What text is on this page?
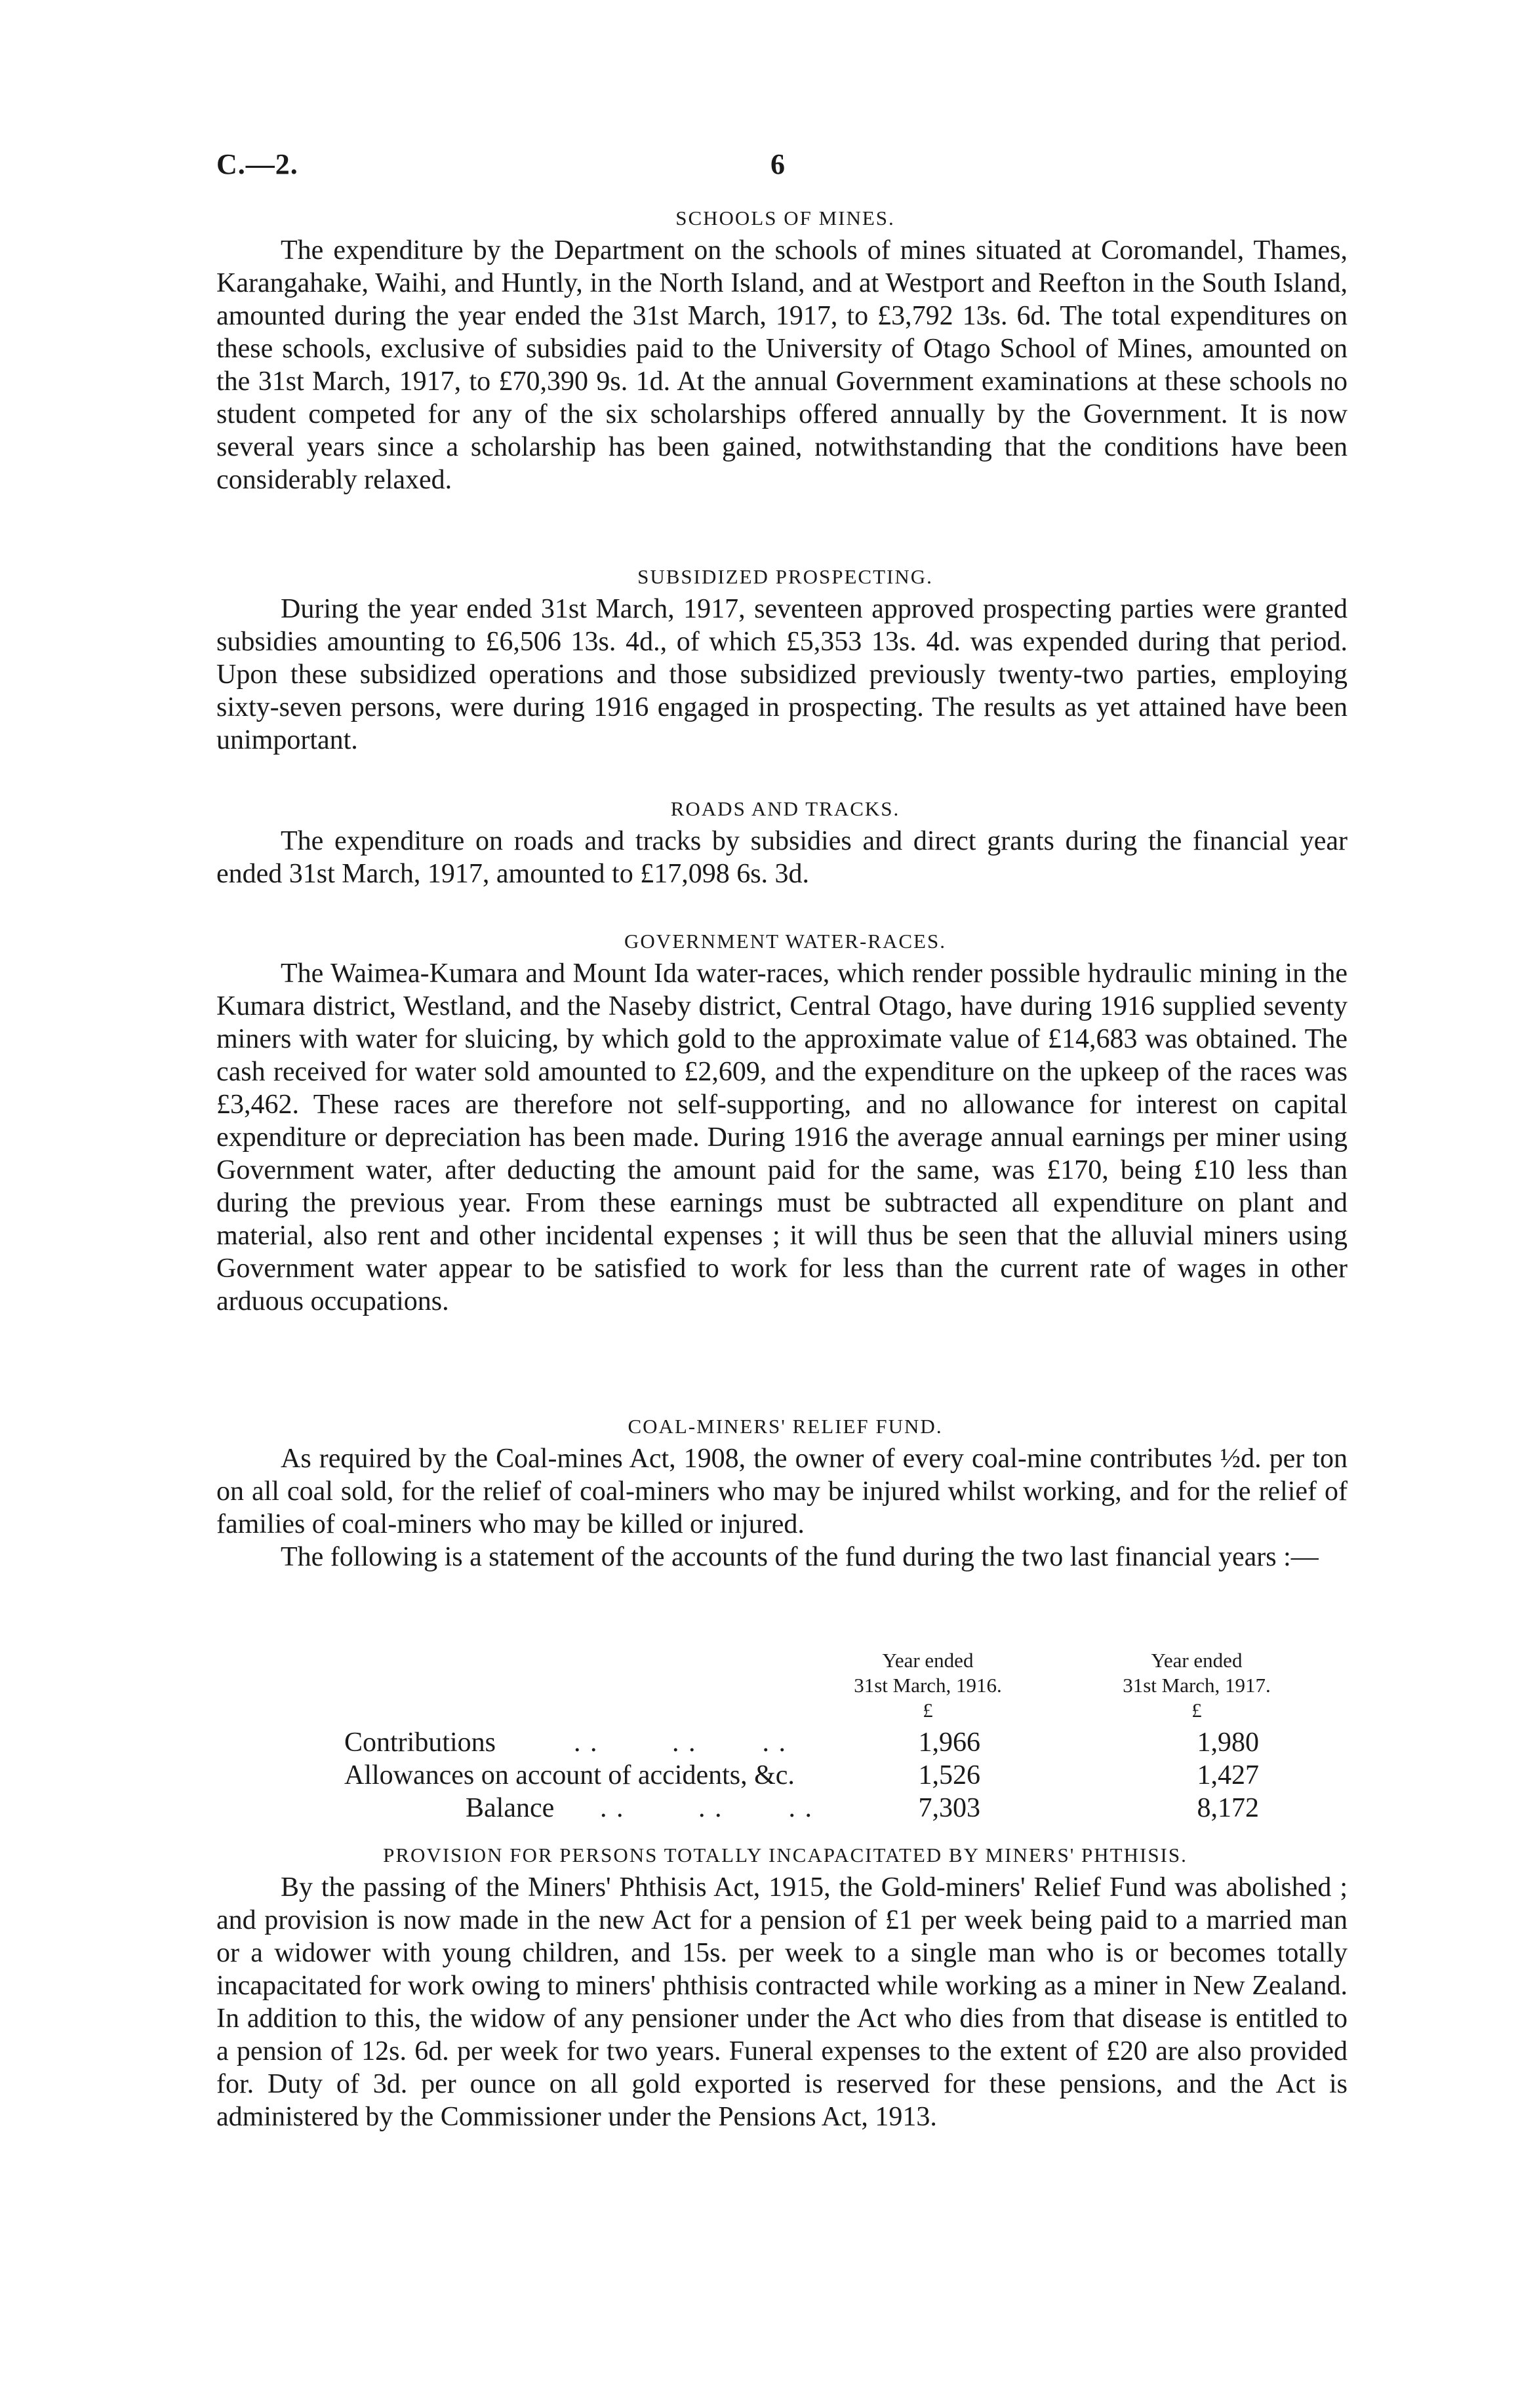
C.—2.	6
SCHOOLS OF MINES.

The expenditure by the Department on the schools of mines situated at Coromandel, Thames, Karangahake, Waihi, and Huntly, in the North Island, and at Westport and Reefton in the South Island, amounted during the year ended the 31st March, 1917, to £3,792 13s. 6d. The total expenditures on these schools, exclusive of subsidies paid to the University of Otago School of Mines, amounted on the 31st March, 1917, to £70,390 9s. 1d. At the annual Government examinations at these schools no student competed for any of the six scholarships offered annually by the Government. It is now several years since a scholarship has been gained, notwithstanding that the conditions have been considerably relaxed.

SUBSIDIZED PROSPECTING.

During the year ended 31st March, 1917, seventeen approved prospecting parties were granted subsidies amounting to £6,506 13s. 4d., of which £5,353 13s. 4d. was expended during that period. Upon these subsidized operations and those subsidized previously twenty-two parties, employing sixty-seven persons, were during 1916 engaged in prospecting. The results as yet attained have been unimportant.

ROADS AND TRACKS.

The expenditure on roads and tracks by subsidies and direct grants during the financial year ended 31st March, 1917, amounted to £17,098 6s. 3d.

GOVERNMENT WATER-RACES.

The Waimea-Kumara and Mount Ida water-races, which render possible hydraulic mining in the Kumara district, Westland, and the Naseby district, Central Otago, have during 1916 supplied seventy miners with water for sluicing, by which gold to the approximate value of £14,683 was obtained. The cash received for water sold amounted to £2,609, and the expenditure on the upkeep of the races was £3,462. These races are therefore not self-supporting, and no allowance for interest on capital expenditure or depreciation has been made. During 1916 the average annual earnings per miner using Government water, after deducting the amount paid for the same, was £170, being £10 less than during the previous year. From these earnings must be subtracted all expenditure on plant and material, also rent and other incidental expenses ; it will thus be seen that the alluvial miners using Government water appear to be satisfied to work for less than the current rate of wages in other arduous occupations.

COAL-MINERS' RELIEF FUND.

As required by the Coal-mines Act, 1908, the owner of every coal-mine contributes ½d. per ton on all coal sold, for the relief of coal-miners who may be injured whilst working, and for the relief of families of coal-miners who may be killed or injured.

The following is a statement of the accounts of the fund during the two last financial years :—

Year ended
31st March, 1916.
£
Year ended
31st March, 1917.
£
Contributions . .         . .        . .	1,966	1,980
Allowances on account of accidents, &c.	1,526	1,427
Balance . .         . .        . .	7,303	8,172
PROVISION FOR PERSONS TOTALLY INCAPACITATED BY MINERS' PHTHISIS.

By the passing of the Miners' Phthisis Act, 1915, the Gold-miners' Relief Fund was abolished ; and provision is now made in the new Act for a pension of £1 per week being paid to a married man or a widower with young children, and 15s. per week to a single man who is or becomes totally incapacitated for work owing to miners' phthisis contracted while working as a miner in New Zealand. In addition to this, the widow of any pensioner under the Act who dies from that disease is entitled to a pension of 12s. 6d. per week for two years. Funeral expenses to the extent of £20 are also provided for. Duty of 3d. per ounce on all gold exported is reserved for these pensions, and the Act is administered by the Commissioner under the Pensions Act, 1913.
